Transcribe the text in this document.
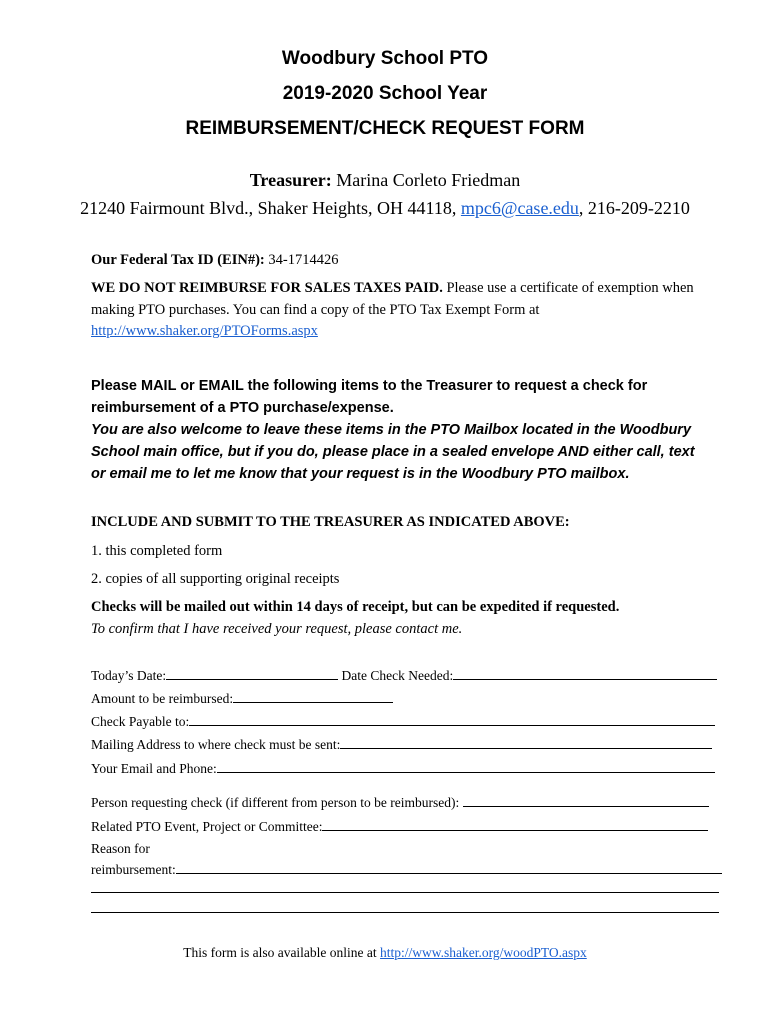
Woodbury School PTO
2019-2020 School Year
REIMBURSEMENT/CHECK REQUEST FORM
Treasurer: Marina Corleto Friedman
21240 Fairmount Blvd., Shaker Heights, OH 44118, mpc6@case.edu, 216-209-2210
Our Federal Tax ID (EIN#): 34-1714426
WE DO NOT REIMBURSE FOR SALES TAXES PAID. Please use a certificate of exemption when
making PTO purchases. You can find a copy of the PTO Tax Exempt Form at
http://www.shaker.org/PTOForms.aspx
Please MAIL or EMAIL the following items to the Treasurer to request a check for
reimbursement of a PTO purchase/expense.
You are also welcome to leave these items in the PTO Mailbox located in the Woodbury
School main office, but if you do, please place in a sealed envelope AND either call, text
or email me to let me know that your request is in the Woodbury PTO mailbox.
INCLUDE AND SUBMIT TO THE TREASURER AS INDICATED ABOVE:
1. this completed form
2. copies of all supporting original receipts
Checks will be mailed out within 14 days of receipt, but can be expedited if requested.
To confirm that I have received your request, please contact me.
Today’s Date:	Date Check Needed:
Amount to be reimbursed:
Check Payable to:
Mailing Address to where check must be sent:
Your Email and Phone:
Person requesting check (if different from person to be reimbursed):
Related PTO Event, Project or Committee:
Reason for
reimbursement:
This form is also available online at http://www.shaker.org/woodPTO.aspx
